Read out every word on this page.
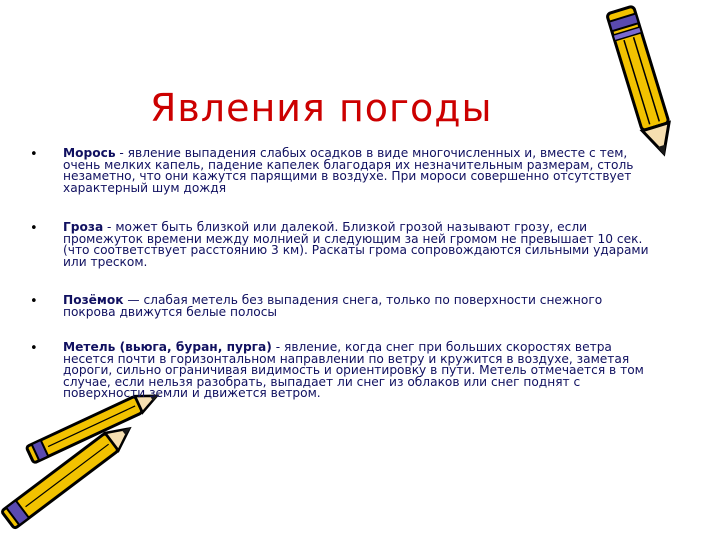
Явления погоды
• Морось - явление выпадения слабых осадков в виде многочисленных и, вместе с тем, очень мелких капель, падение капелек благодаря их незначительным размерам, столь незаметно, что они кажутся парящими в воздухе. При мороси совершенно отсутствует характерный шум дождя
• Гроза - может быть близкой или далекой. Близкой грозой называют грозу, если промежуток времени между молнией и следующим за ней громом не превышает 10 сек. (что соответствует расстоянию 3 км). Раскаты грома сопровождаются сильными ударами или треском.
• Позёмок — слабая метель без выпадения снега, только по поверхности снежного покрова движутся белые полосы
• Метель (вьюга, буран, пурга) - явление, когда снег при больших скоростях ветра несется почти в горизонтальном направлении по ветру и кружится в воздухе, заметая дороги, сильно ограничивая видимость и ориентировку в пути. Метель отмечается в том случае, если нельзя разобрать, выпадает ли снег из облаков или снег поднят с поверхности земли и движется ветром.
